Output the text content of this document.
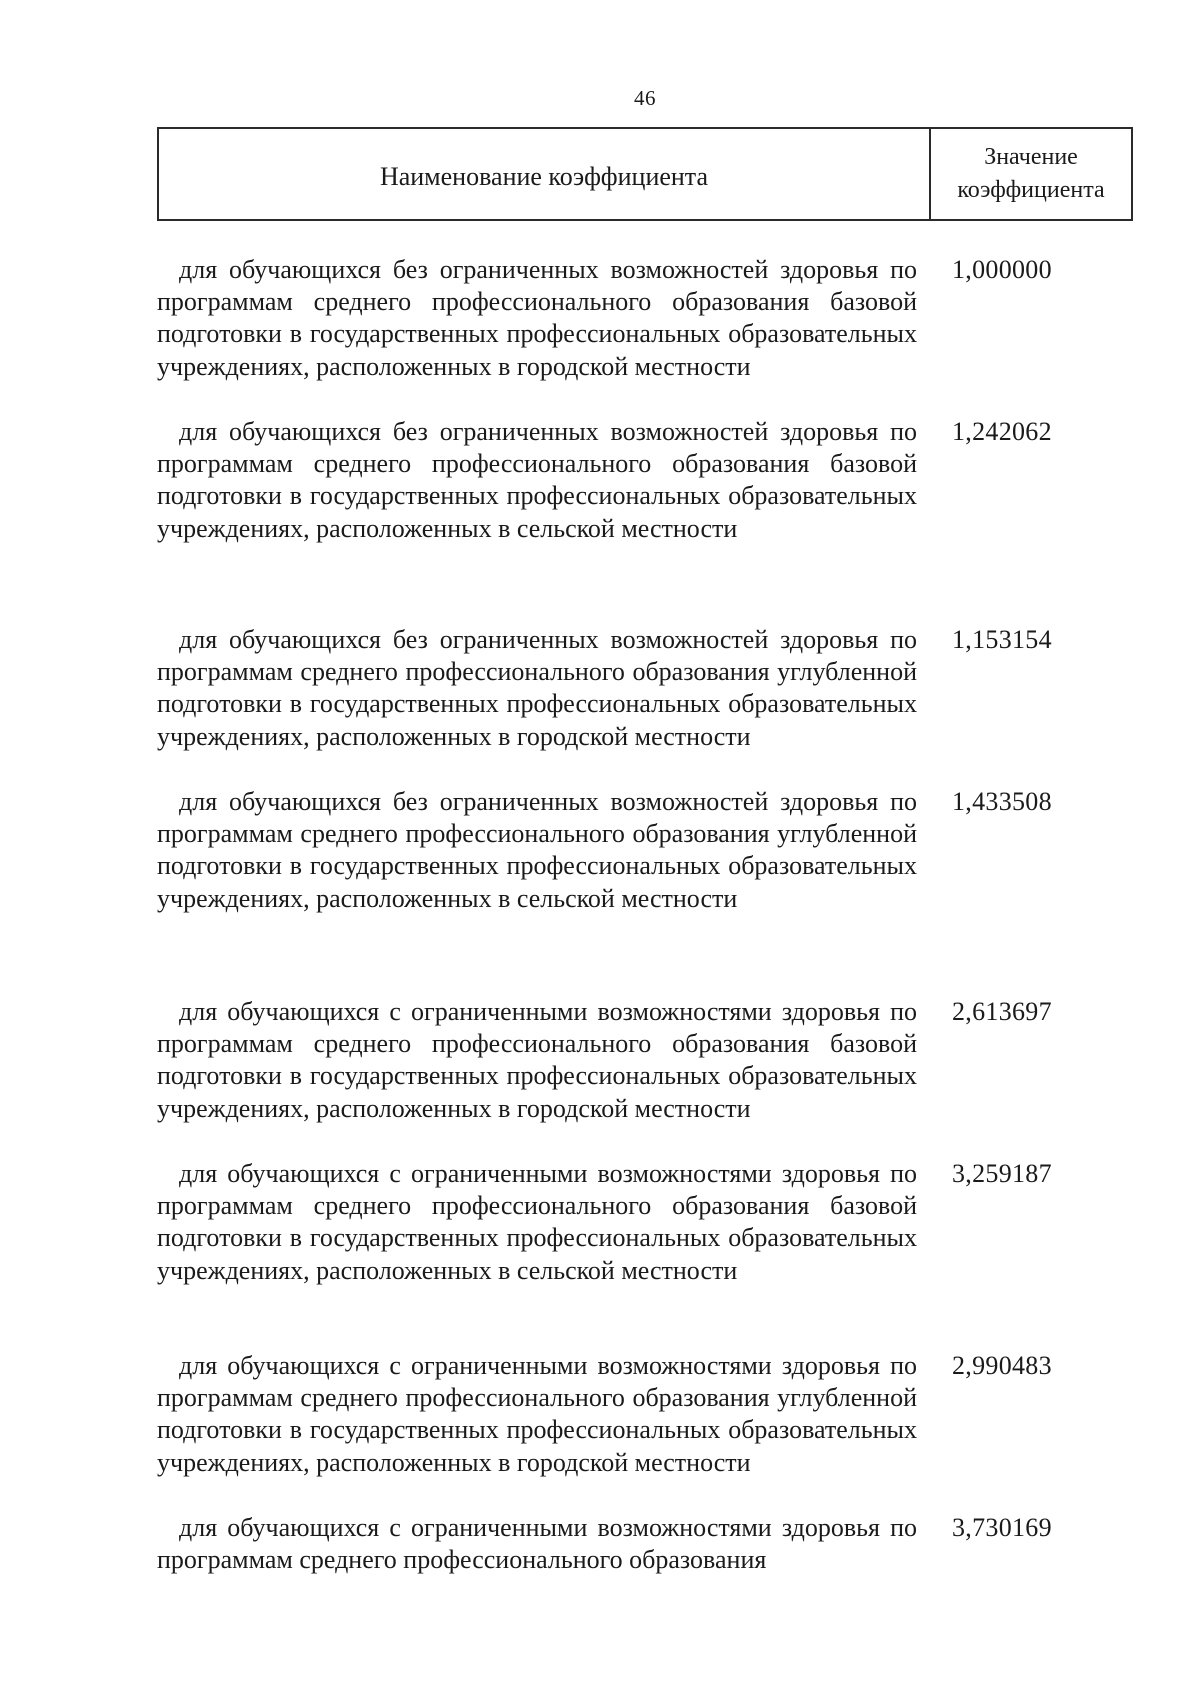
46
Наименование коэффициента
Значение коэффициента
для обучающихся без ограниченных возможностей здоровья по программам среднего профессионального образования базовой подготовки в государственных профессиональных образовательных учреждениях, расположенных в городской местности
1,000000
для обучающихся без ограниченных возможностей здоровья по программам среднего профессионального образования базовой подготовки в государственных профессиональных образовательных учреждениях, расположенных в сельской местности
1,242062
для обучающихся без ограниченных возможностей здоровья по программам среднего профессионального образования углубленной подготовки в государственных профессиональных образовательных учреждениях, расположенных в городской местности
1,153154
для обучающихся без ограниченных возможностей здоровья по программам среднего профессионального образования углубленной подготовки в государственных профессиональных образовательных учреждениях, расположенных в сельской местности
1,433508
для обучающихся с ограниченными возможностями здоровья по программам среднего профессионального образования базовой подготовки в государственных профессиональных образовательных учреждениях, расположенных в городской местности
2,613697
для обучающихся с ограниченными возможностями здоровья по программам среднего профессионального образования базовой подготовки в государственных профессиональных образовательных учреждениях, расположенных в сельской местности
3,259187
для обучающихся с ограниченными возможностями здоровья по программам среднего профессионального образования углубленной подготовки в государственных профессиональных образовательных учреждениях, расположенных в городской местности
2,990483
для обучающихся с ограниченными возможностями здоровья по программам среднего профессионального образования
3,730169
